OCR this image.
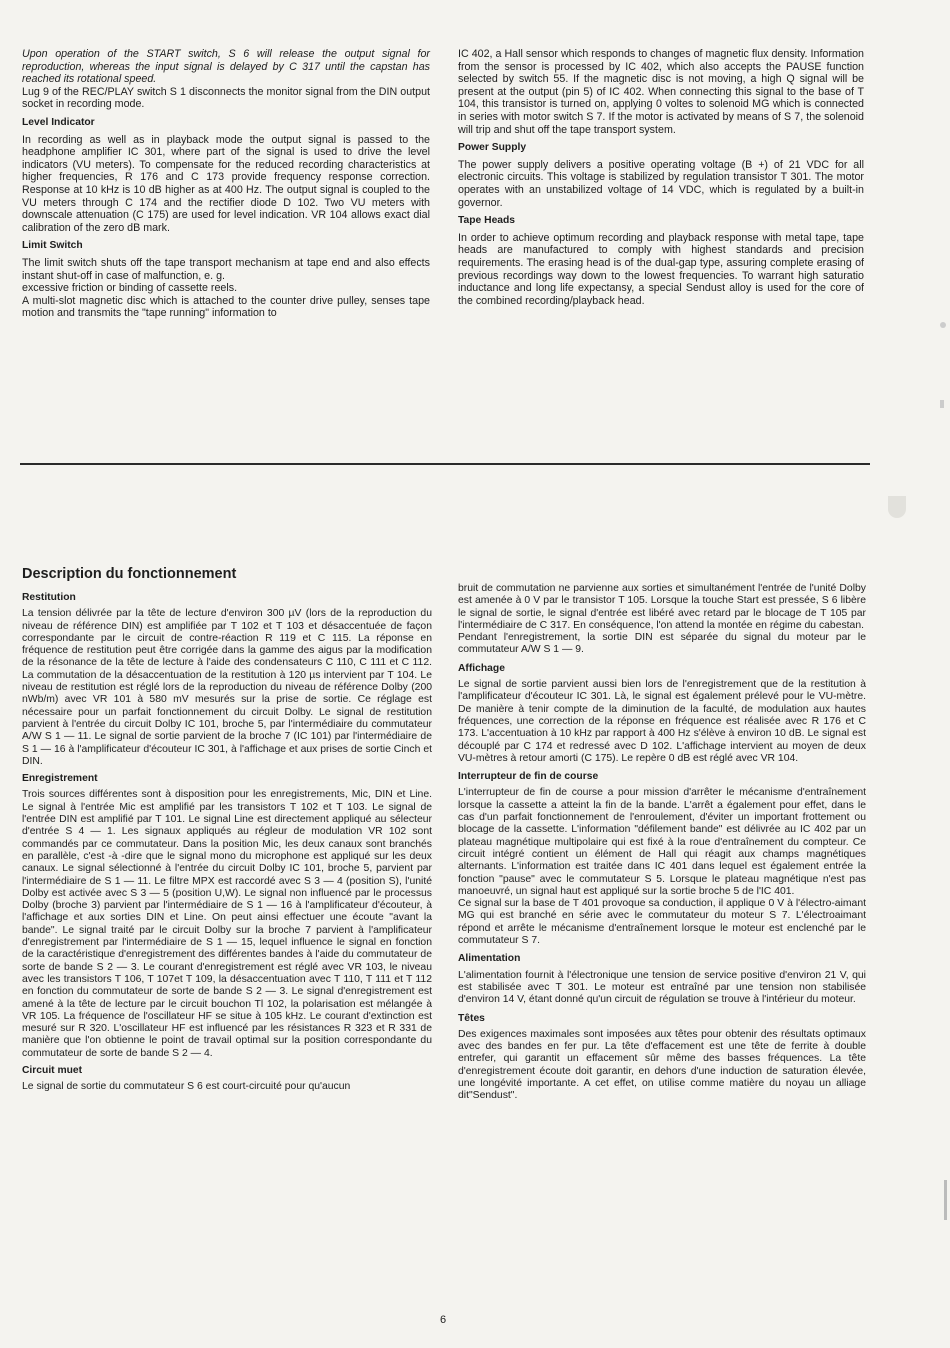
Upon operation of the START switch, S 6 will release the output signal for reproduction, whereas the input signal is delayed by C 317 until the capstan has reached its rotational speed.

Lug 9 of the REC/PLAY switch S 1 disconnects the monitor signal from the DIN output socket in recording mode.

Level Indicator

In recording as well as in playback mode the output signal is passed to the headphone amplifier IC 301, where part of the signal is used to drive the level indicators (VU meters). To compensate for the reduced recording characteristics at higher frequencies, R 176 and C 173 provide frequency response correction. Response at 10 kHz is 10 dB higher as at 400 Hz. The output signal is coupled to the VU meters through C 174 and the rectifier diode D 102. Two VU meters with downscale attenuation (C 175) are used for level indication. VR 104 allows exact dial calibration of the zero dB mark.

Limit Switch

The limit switch shuts off the tape transport mechanism at tape end and also effects instant shut-off in case of malfunction, e. g.

excessive friction or binding of cassette reels.

A multi-slot magnetic disc which is attached to the counter drive pulley, senses tape motion and transmits the "tape running" information to

IC 402, a Hall sensor which responds to changes of magnetic flux density. Information from the sensor is processed by IC 402, which also accepts the PAUSE function selected by switch 55. If the magnetic disc is not moving, a high Q signal will be present at the output (pin 5) of IC 402. When connecting this signal to the base of T 104, this transistor is turned on, applying 0 voltes to solenoid MG which is connected in series with motor switch S 7. If the motor is activated by means of S 7, the solenoid will trip and shut off the tape transport system.

Power Supply

The power supply delivers a positive operating voltage (B +) of 21 VDC for all electronic circuits. This voltage is stabilized by regulation transistor T 301. The motor operates with an unstabilized voltage of 14 VDC, which is regulated by a built-in governor.

Tape Heads

In order to achieve optimum recording and playback response with metal tape, tape heads are manufactured to comply with highest standards and precision requirements. The erasing head is of the dual-gap type, assuring complete erasing of previous recordings way down to the lowest frequencies. To warrant high saturatio inductance and long life expectansy, a special Sendust alloy is used for the core of the combined recording/playback head.

Description du fonctionnement
Restitution

La tension délivrée par la tête de lecture d'environ 300 µV (lors de la reproduction du niveau de référence DIN) est amplifiée par T 102 et T 103 et désaccentuée de façon correspondante par le circuit de contre-réaction R 119 et C 115. La réponse en fréquence de restitution peut être corrigée dans la gamme des aigus par la modification de la résonance de la tête de lecture à l'aide des condensateurs C 110, C 111 et C 112. La commutation de la désaccentuation de la restitution à 120 µs intervient par T 104. Le niveau de restitution est réglé lors de la reproduction du niveau de référence Dolby (200 nWb/m) avec VR 101 à 580 mV mesurés sur la prise de sortie. Ce réglage est nécessaire pour un parfait fonctionnement du circuit Dolby. Le signal de restitution parvient à l'entrée du circuit Dolby IC 101, broche 5, par l'intermédiaire du commutateur A/W S 1 — 11. Le signal de sortie parvient de la broche 7 (IC 101) par l'intermédiaire de S 1 — 16 à l'amplificateur d'écouteur IC 301, à l'affichage et aux prises de sortie Cinch et DIN.

Enregistrement

Trois sources différentes sont à disposition pour les enregistrements, Mic, DIN et Line. Le signal à l'entrée Mic est amplifié par les transistors T 102 et T 103. Le signal de l'entrée DIN est amplifié par T 101. Le signal Line est directement appliqué au sélecteur d'entrée S 4 — 1. Les signaux appliqués au régleur de modulation VR 102 sont commandés par ce commutateur. Dans la position Mic, les deux canaux sont branchés en parallèle, c'est -à -dire que le signal mono du microphone est appliqué sur les deux canaux. Le signal sélectionné à l'entrée du circuit Dolby IC 101, broche 5, parvient par l'intermédiaire de S 1 — 11. Le filtre MPX est raccordé avec S 3 — 4 (position S), l'unité Dolby est activée avec S 3 — 5 (position U,W). Le signal non influencé par le processus Dolby (broche 3) parvient par l'intermédiaire de S 1 — 16 à l'amplificateur d'écouteur, à l'affichage et aux sorties DIN et Line. On peut ainsi effectuer une écoute "avant la bande". Le signal traité par le circuit Dolby sur la broche 7 parvient à l'amplificateur d'enregistrement par l'intermédiaire de S 1 — 15, lequel influence le signal en fonction de la caractéristique d'enregistrement des différentes bandes à l'aide du commutateur de sorte de bande S 2 — 3. Le courant d'enregistrement est réglé avec VR 103, le niveau avec les transistors T 106, T 107et T 109, la désaccentuation avec T 110, T 111 et T 112 en fonction du commutateur de sorte de bande S 2 — 3. Le signal d'enregistrement est amené à la tête de lecture par le circuit bouchon Tl 102, la polarisation est mélangée à VR 105. La fréquence de l'oscillateur HF se situe à 105 kHz. Le courant d'extinction est mesuré sur R 320. L'oscillateur HF est influencé par les résistances R 323 et R 331 de manière que l'on obtienne le point de travail optimal sur la position correspondante du commutateur de sorte de bande S 2 — 4.

Circuit muet

Le signal de sortie du commutateur S 6 est court-circuité pour qu'aucun

bruit de commutation ne parvienne aux sorties et simultanément l'entrée de l'unité Dolby est amenée à 0 V par le transistor T 105. Lorsque la touche Start est pressée, S 6 libère le signal de sortie, le signal d'entrée est libéré avec retard par le blocage de T 105 par l'intermédiaire de C 317. En conséquence, l'on attend la montée en régime du cabestan.

Pendant l'enregistrement, la sortie DIN est séparée du signal du moteur par le commutateur A/W S 1 — 9.

Affichage

Le signal de sortie parvient aussi bien lors de l'enregistrement que de la restitution à l'amplificateur d'écouteur IC 301. Là, le signal est également prélevé pour le VU-mètre. De manière à tenir compte de la diminution de la faculté, de modulation aux hautes fréquences, une correction de la réponse en fréquence est réalisée avec R 176 et C 173. L'accentuation à 10 kHz par rapport à 400 Hz s'élève à environ 10 dB. Le signal est découplé par C 174 et redressé avec D 102. L'affichage intervient au moyen de deux VU-mètres à retour amorti (C 175). Le repère 0 dB est réglé avec VR 104.

Interrupteur de fin de course

L'interrupteur de fin de course a pour mission d'arrêter le mécanisme d'entraînement lorsque la cassette a atteint la fin de la bande. L'arrêt a également pour effet, dans le cas d'un parfait fonctionnement de l'enroulement, d'éviter un important frottement ou blocage de la cassette. L'information "défilement bande" est délivrée au IC 402 par un plateau magnétique multipolaire qui est fixé à la roue d'entraînement du compteur. Ce circuit intégré contient un élément de Hall qui réagit aux champs magnétiques alternants. L'information est traitée dans IC 401 dans lequel est également entrée la fonction "pause" avec le commutateur S 5. Lorsque le plateau magnétique n'est pas manoeuvré, un signal haut est appliqué sur la sortie broche 5 de l'IC 401.

Ce signal sur la base de T 401 provoque sa conduction, il applique 0 V à l'électro-aimant MG qui est branché en série avec le commutateur du moteur S 7. L'électroaimant répond et arrête le mécanisme d'entraînement lorsque le moteur est enclenché par le commutateur S 7.

Alimentation

L'alimentation fournit à l'électronique une tension de service positive d'environ 21 V, qui est stabilisée avec T 301. Le moteur est entraîné par une tension non stabilisée d'environ 14 V, étant donné qu'un circuit de régulation se trouve à l'intérieur du moteur.

Têtes

Des exigences maximales sont imposées aux têtes pour obtenir des résultats optimaux avec des bandes en fer pur. La tête d'effacement est une tête de ferrite à double entrefer, qui garantit un effacement sûr même des basses fréquences. La tête d'enregistrement écoute doit garantir, en dehors d'une induction de saturation élevée, une longévité importante. A cet effet, on utilise comme matière du noyau un alliage dit"Sendust".

6
